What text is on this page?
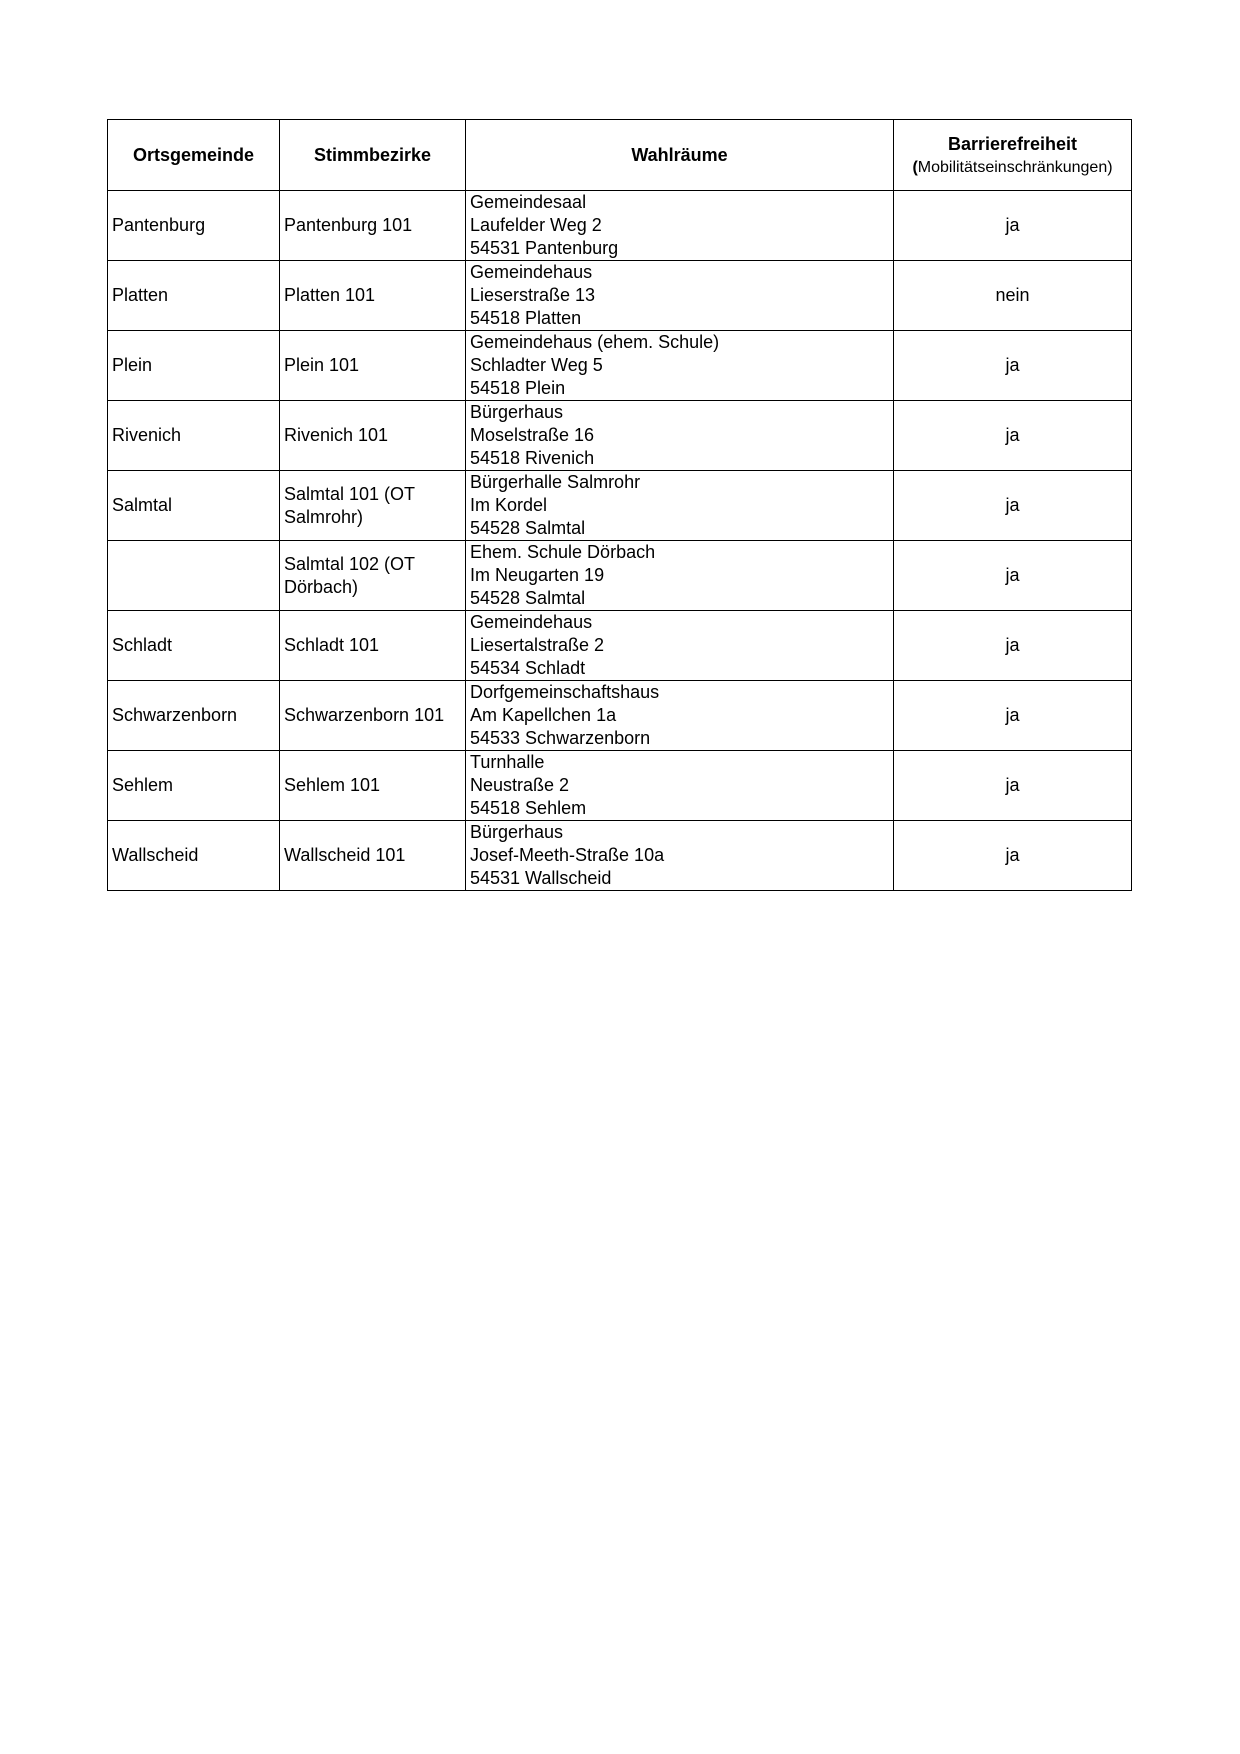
Ortsgemeinde	Stimmbezirke	Wahlräume	Barrierefreiheit
(Mobilitätseinschränkungen)

Pantenburg	Pantenburg 101	Gemeindesaal
Laufelder Weg 2
54531 Pantenburg	ja
Platten	Platten 101	Gemeindehaus
Lieserstraße 13
54518 Platten	nein
Plein	Plein 101	Gemeindehaus (ehem. Schule)
Schladter Weg 5
54518 Plein	ja
Rivenich	Rivenich 101	Bürgerhaus
Moselstraße 16
54518 Rivenich	ja
Salmtal	Salmtal 101 (OT Salmrohr)	Bürgerhalle Salmrohr
Im Kordel
54528 Salmtal	ja
	Salmtal 102 (OT Dörbach)	Ehem. Schule Dörbach
Im Neugarten 19
54528 Salmtal	ja
Schladt	Schladt 101	Gemeindehaus
Liesertalstraße 2
54534 Schladt	ja
Schwarzenborn	Schwarzenborn 101	Dorfgemeinschaftshaus
Am Kapellchen 1a
54533 Schwarzenborn	ja
Sehlem	Sehlem 101	Turnhalle
Neustraße 2
54518 Sehlem	ja
Wallscheid	Wallscheid 101	Bürgerhaus
Josef-Meeth-Straße 10a
54531 Wallscheid	ja
